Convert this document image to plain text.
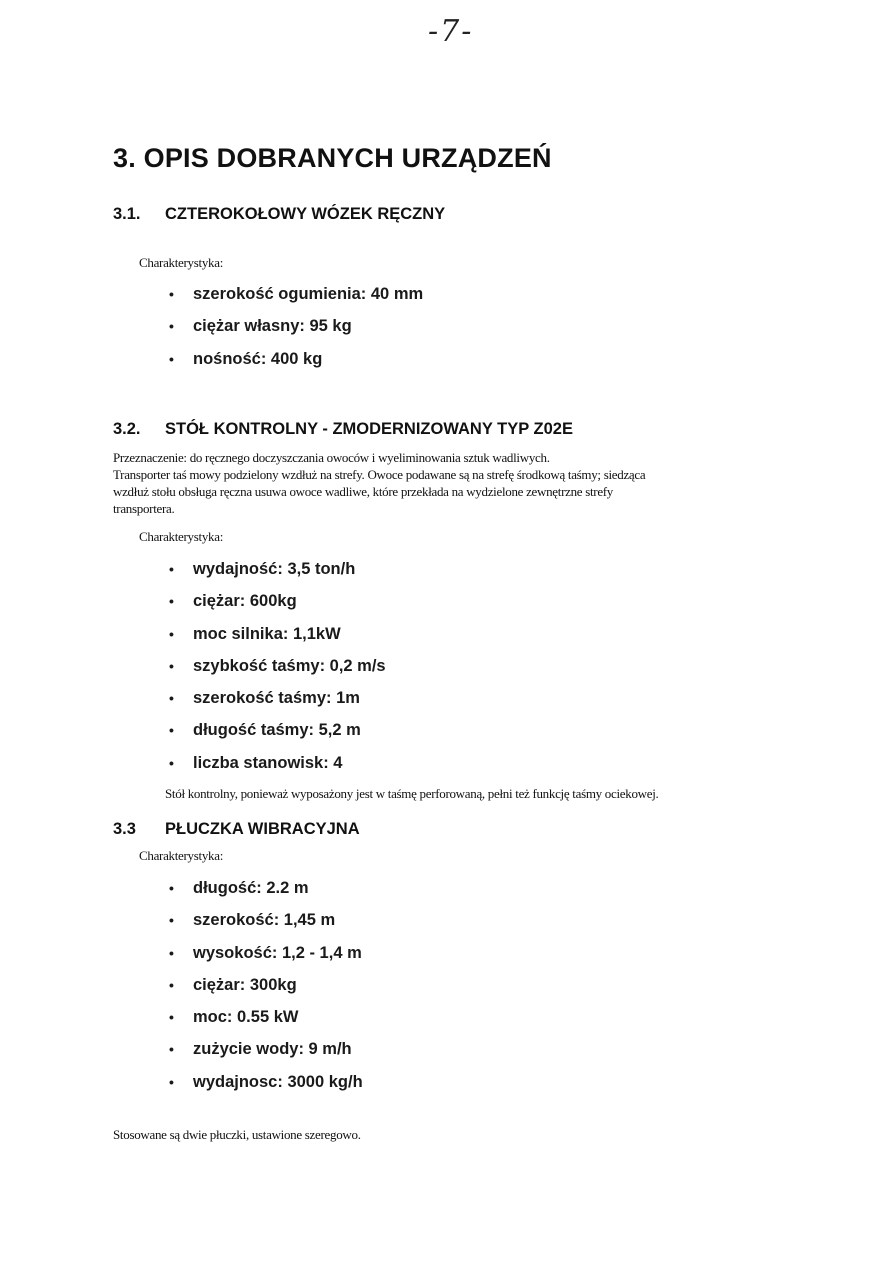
-7-
3. OPIS DOBRANYCH URZĄDZEŃ
3.1. CZTEROKOŁOWY WÓZEK RĘCZNY
Charakterystyka:
• szerokość ogumienia: 40 mm
• ciężar własny: 95 kg
• nośność: 400 kg
3.2. STÓŁ KONTROLNY - ZMODERNIZOWANY TYP Z02E
Przeznaczenie: do ręcznego doczyszczania owoców i wyeliminowania sztuk wadliwych.
Transporter taś mowy podzielony wzdłuż na strefy. Owoce podawane są na strefę środkową taśmy; siedząca
wzdłuż stołu obsługa ręczna usuwa owoce wadliwe, które przekłada na wydzielone zewnętrzne strefy
transportera.
Charakterystyka:
• wydajność: 3,5 ton/h
• ciężar: 600kg
• moc silnika: 1,1kW
• szybkość taśmy: 0,2 m/s
• szerokość taśmy: 1m
• długość taśmy: 5,2 m
• liczba stanowisk: 4
Stół kontrolny, ponieważ wyposażony jest w taśmę perforowaną, pełni też funkcję taśmy ociekowej.
3.3 PŁUCZKA WIBRACYJNA
Charakterystyka:
• długość: 2.2 m
• szerokość: 1,45 m
• wysokość: 1,2 - 1,4 m
• ciężar: 300kg
• moc: 0.55 kW
• zużycie wody: 9 m/h
• wydajnosc: 3000 kg/h
Stosowane są dwie płuczki, ustawione szeregowo.
